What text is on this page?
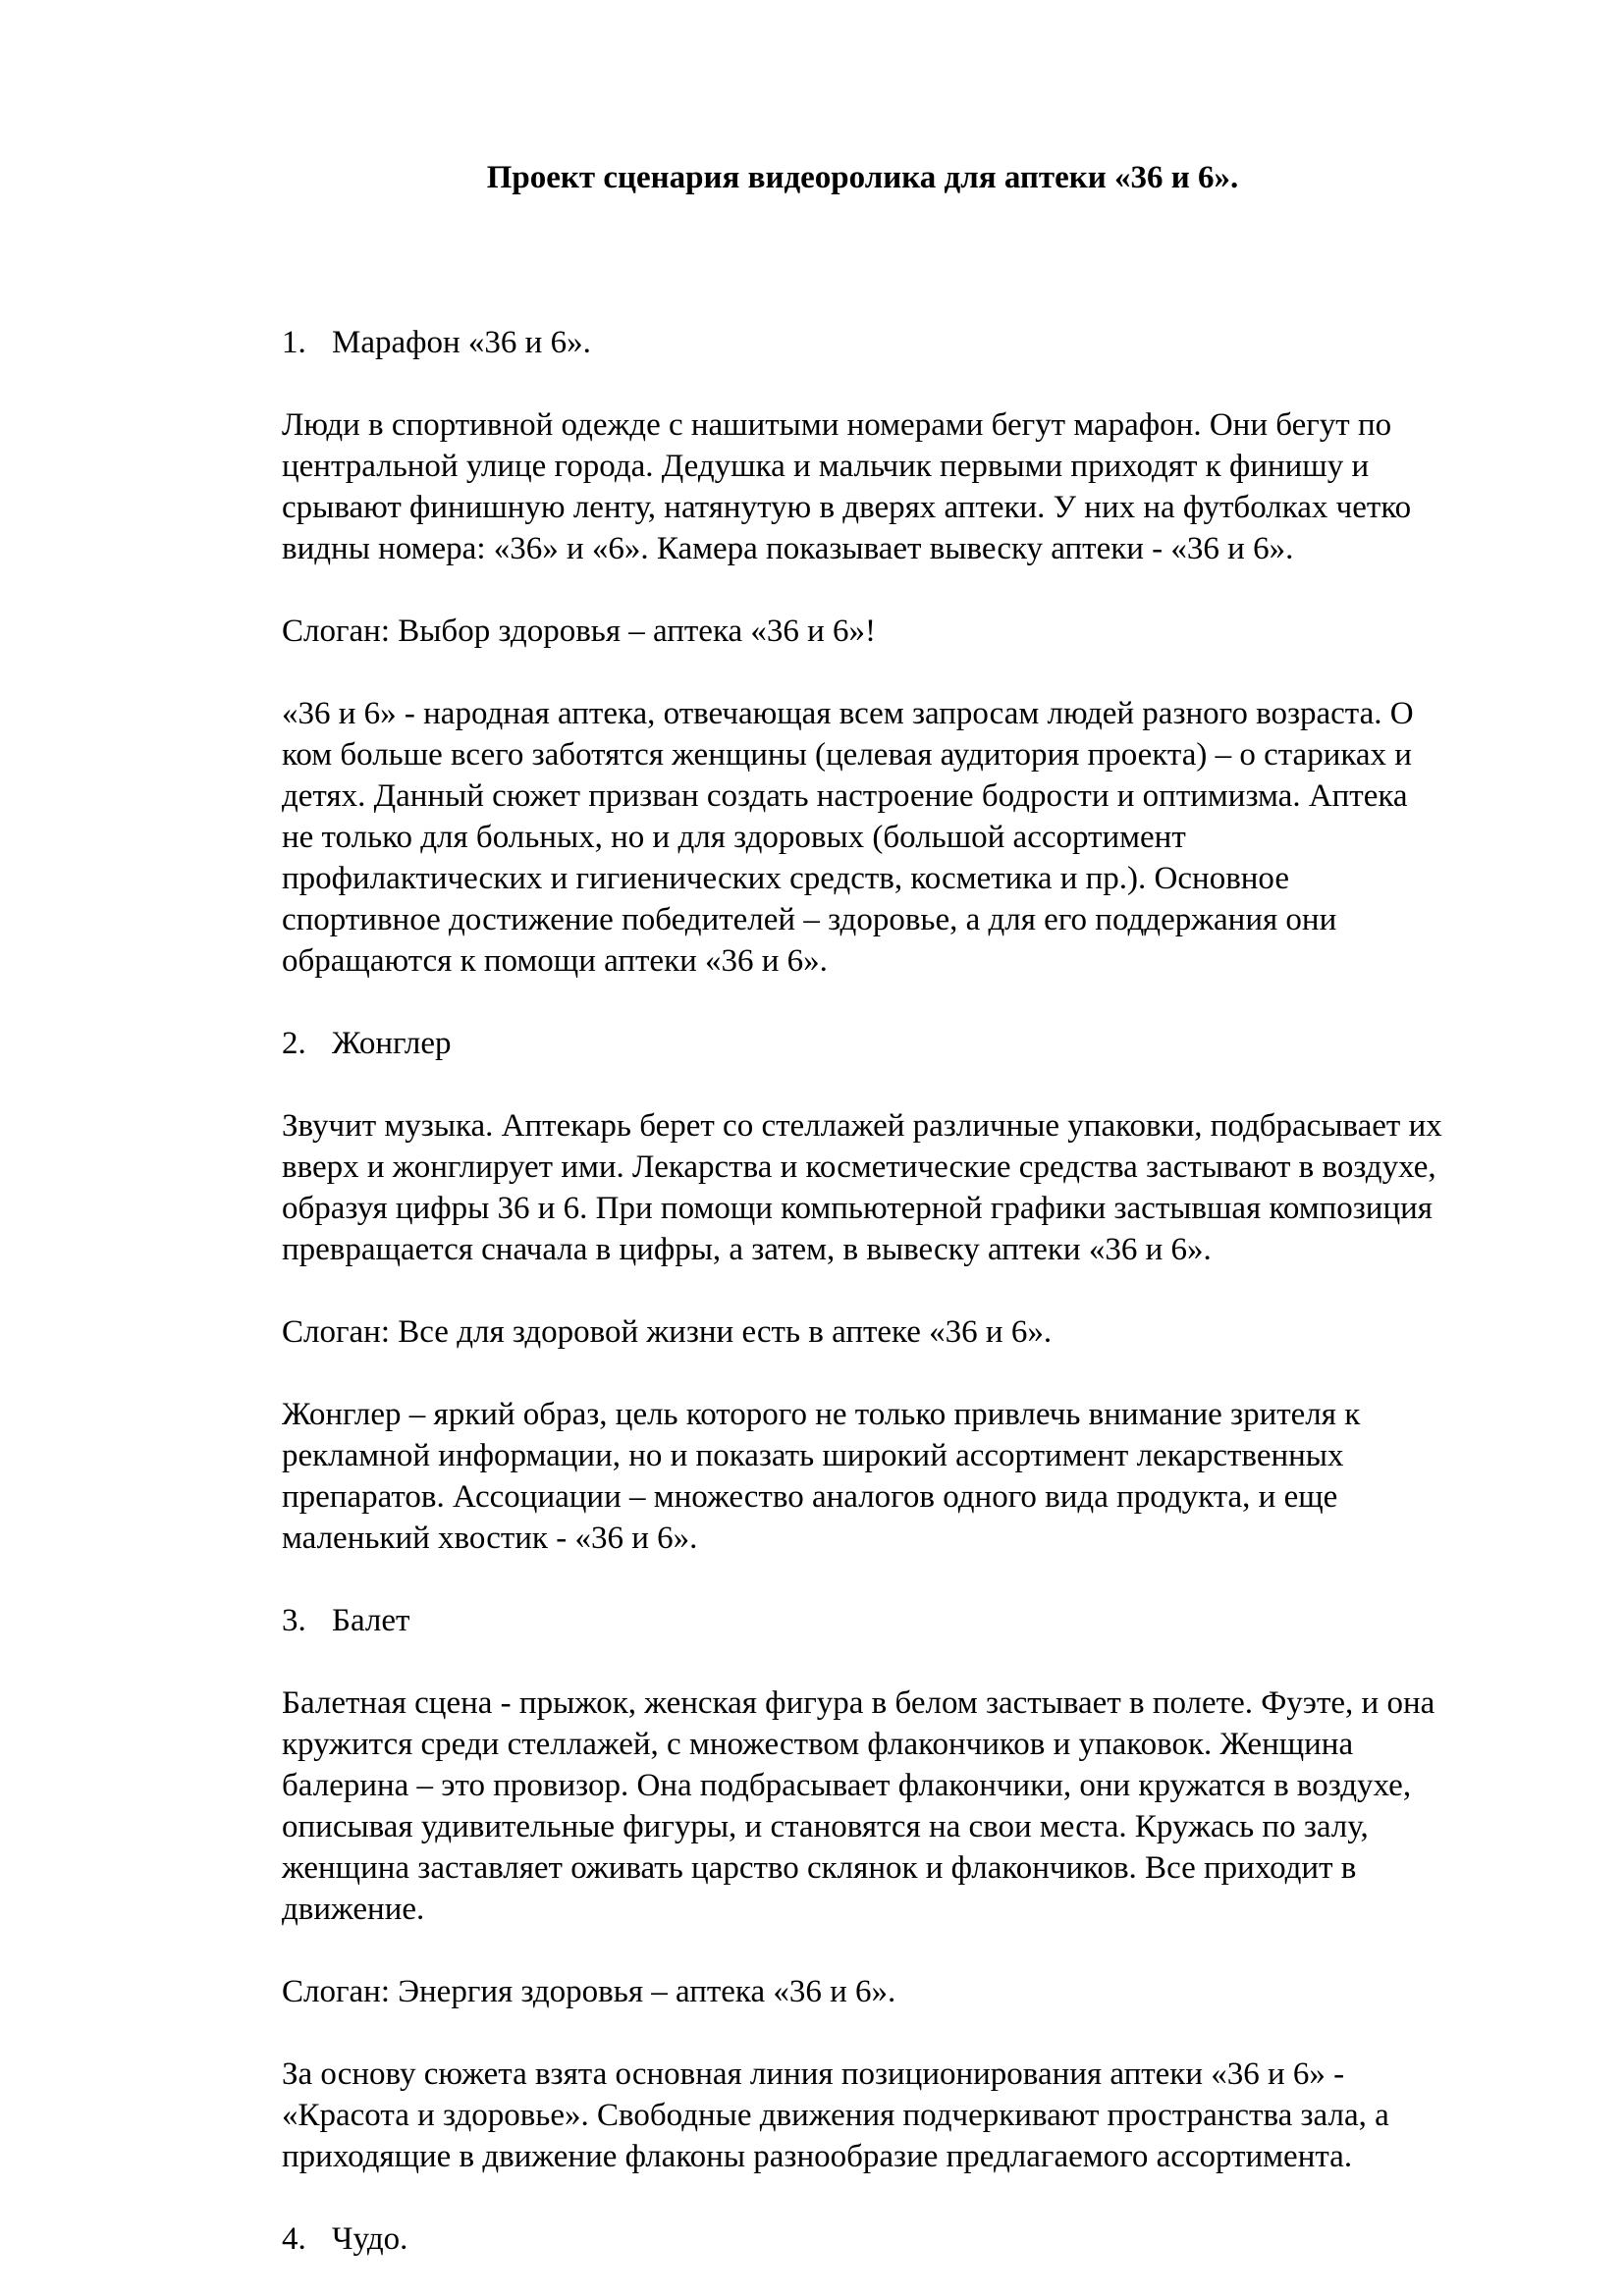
Проект сценария видеоролика для аптеки «36 и 6».
1. Марафон «36 и 6».

Люди в спортивной одежде с нашитыми номерами бегут марафон. Они бегут по центральной улице города. Дедушка и мальчик первыми приходят к финишу и срывают финишную ленту, натянутую в дверях аптеки. У них на футболках четко видны номера: «36» и «6». Камера показывает вывеску аптеки - «36 и 6».

Слоган: Выбор здоровья – аптека «36 и 6»!

«36 и 6» - народная аптека, отвечающая всем запросам людей разного возраста. О ком больше всего заботятся женщины (целевая аудитория проекта) – о стариках и детях. Данный сюжет призван создать настроение бодрости и оптимизма. Аптека не только для больных, но и для здоровых (большой ассортимент профилактических и гигиенических средств, косметика и пр.). Основное спортивное достижение победителей – здоровье, а для его поддержания они обращаются к помощи аптеки «36 и 6».

2. Жонглер

Звучит музыка. Аптекарь берет со стеллажей различные упаковки, подбрасывает их вверх и жонглирует ими. Лекарства и косметические средства застывают в воздухе, образуя цифры 36 и 6. При помощи компьютерной графики застывшая композиция превращается сначала в цифры, а затем, в вывеску аптеки «36 и 6».

Слоган: Все для здоровой жизни есть в аптеке «36 и 6».

Жонглер – яркий образ, цель которого не только привлечь внимание зрителя к рекламной информации, но и показать широкий ассортимент лекарственных препаратов. Ассоциации – множество аналогов одного вида продукта, и еще маленький хвостик - «36 и 6».

3. Балет

Балетная сцена - прыжок, женская фигура в белом застывает в полете. Фуэте, и она кружится среди стеллажей, с множеством флакончиков и упаковок. Женщина балерина – это провизор. Она подбрасывает флакончики, они кружатся в воздухе, описывая удивительные фигуры, и становятся на свои места. Кружась по залу, женщина заставляет оживать царство склянок и флакончиков. Все приходит в движение.

Слоган: Энергия здоровья – аптека «36 и 6».

За основу сюжета взята основная линия позиционирования аптеки «36 и 6» - «Красота и здоровье». Свободные движения подчеркивают пространства зала, а приходящие в движение флаконы разнообразие предлагаемого ассортимента.

4. Чудо.
